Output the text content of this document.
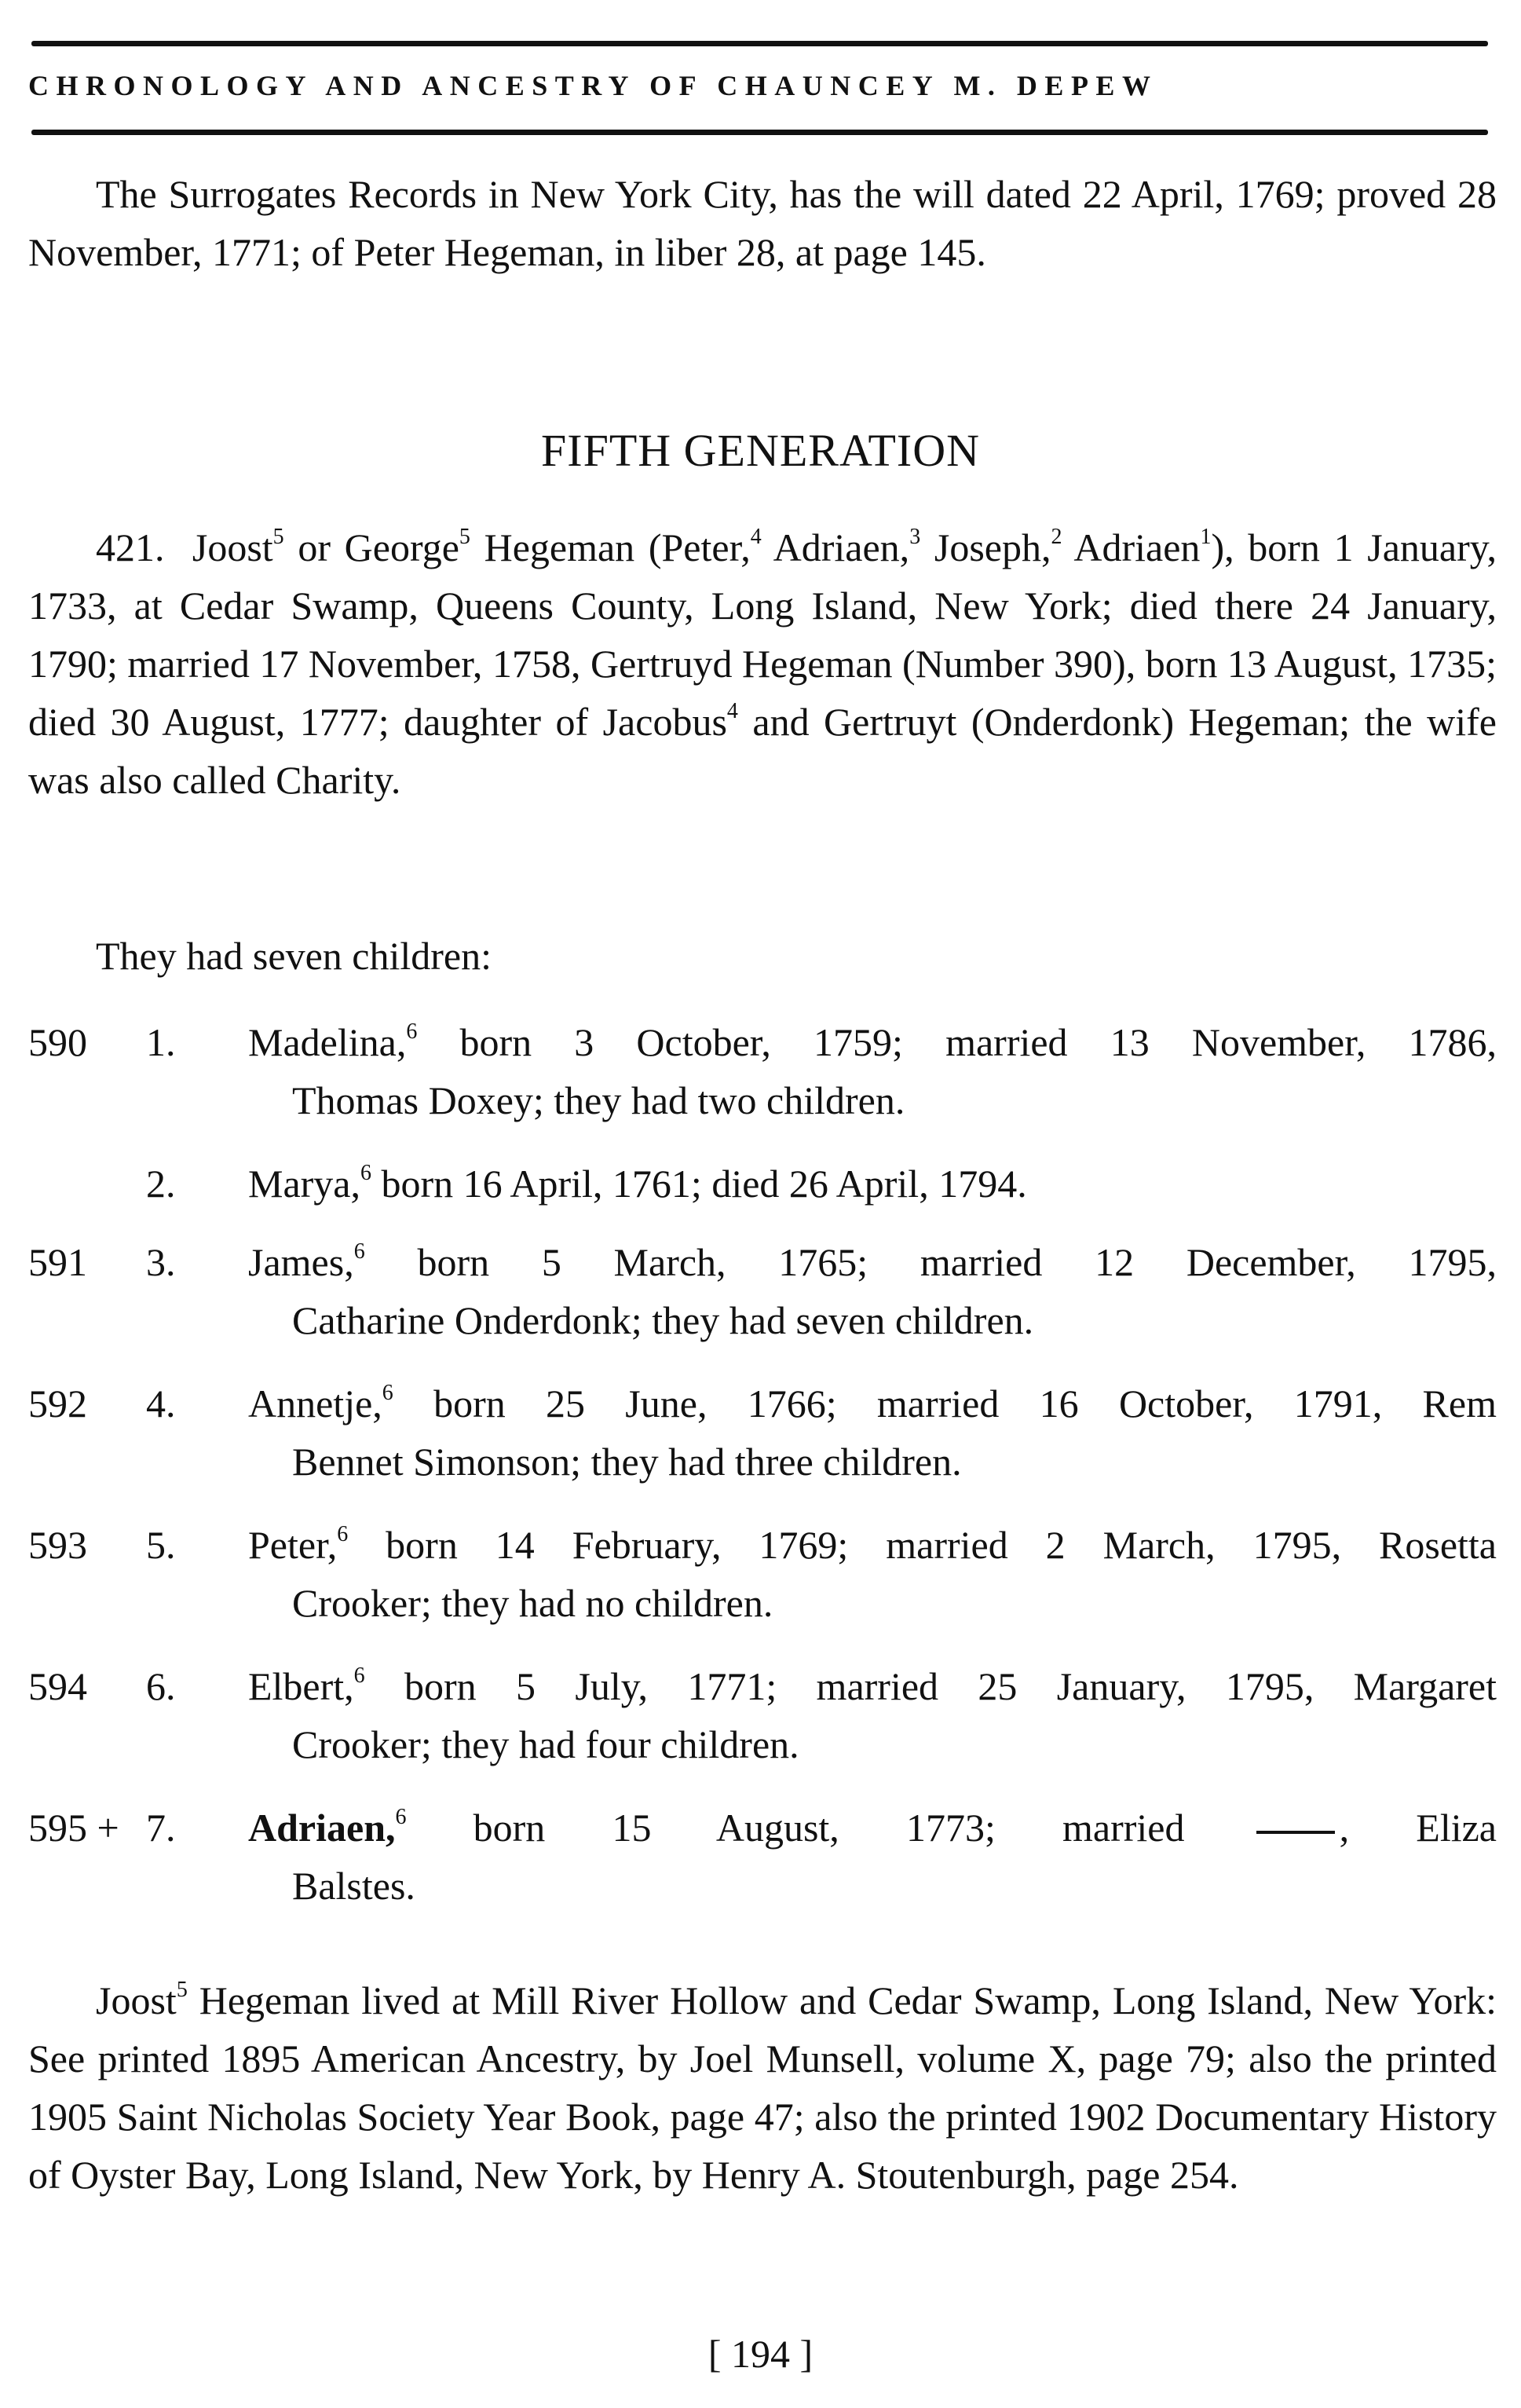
CHRONOLOGY AND ANCESTRY OF CHAUNCEY M. DEPEW

The Surrogates Records in New York City, has the will dated 22 April, 1769; proved 28 November, 1771; of Peter Hegeman, in liber 28, at page 145.

FIFTH GENERATION

421. Joost$^5$ or George$^5$ Hegeman (Peter,$^4$ Adriaen,$^3$ Joseph,$^2$ Adriaen$^1$), born 1 January, 1733, at Cedar Swamp, Queens County, Long Island, New York; died there 24 January, 1790; married 17 November, 1758, Gertruyd Hegeman (Number 390), born 13 August, 1735; died 30 August, 1777; daughter of Jacobus$^4$ and Gertruyt (Onderdonk) Hegeman; the wife was also called Charity.

They had seven children:

590	1.	Madelina,$^6$ born 3 October, 1759; married 13 November, 1786,
Thomas Doxey; they had two children.
2.	Marya,$^6$ born 16 April, 1761; died 26 April, 1794.
591	3.	James,$^6$ born 5 March, 1765; married 12 December, 1795,
Catharine Onderdonk; they had seven children.
592	4.	Annetje,$^6$ born 25 June, 1766; married 16 October, 1791, Rem
Bennet Simonson; they had three children.
593	5.	Peter,$^6$ born 14 February, 1769; married 2 March, 1795, Rosetta
Crooker; they had no children.
594	6.	Elbert,$^6$ born 5 July, 1771; married 25 January, 1795, Margaret
Crooker; they had four children.
595 + 7.	Adriaen,$^6$ born 15 August, 1773; married , Eliza
Balstes.

Joost$^5$ Hegeman lived at Mill River Hollow and Cedar Swamp, Long Island, New York: See printed 1895 American Ancestry, by Joel Munsell, volume X, page 79; also the printed 1905 Saint Nicholas Society Year Book, page 47; also the printed 1902 Documentary History of Oyster Bay, Long Island, New York, by Henry A. Stoutenburgh, page 254.

[ 194 ]
